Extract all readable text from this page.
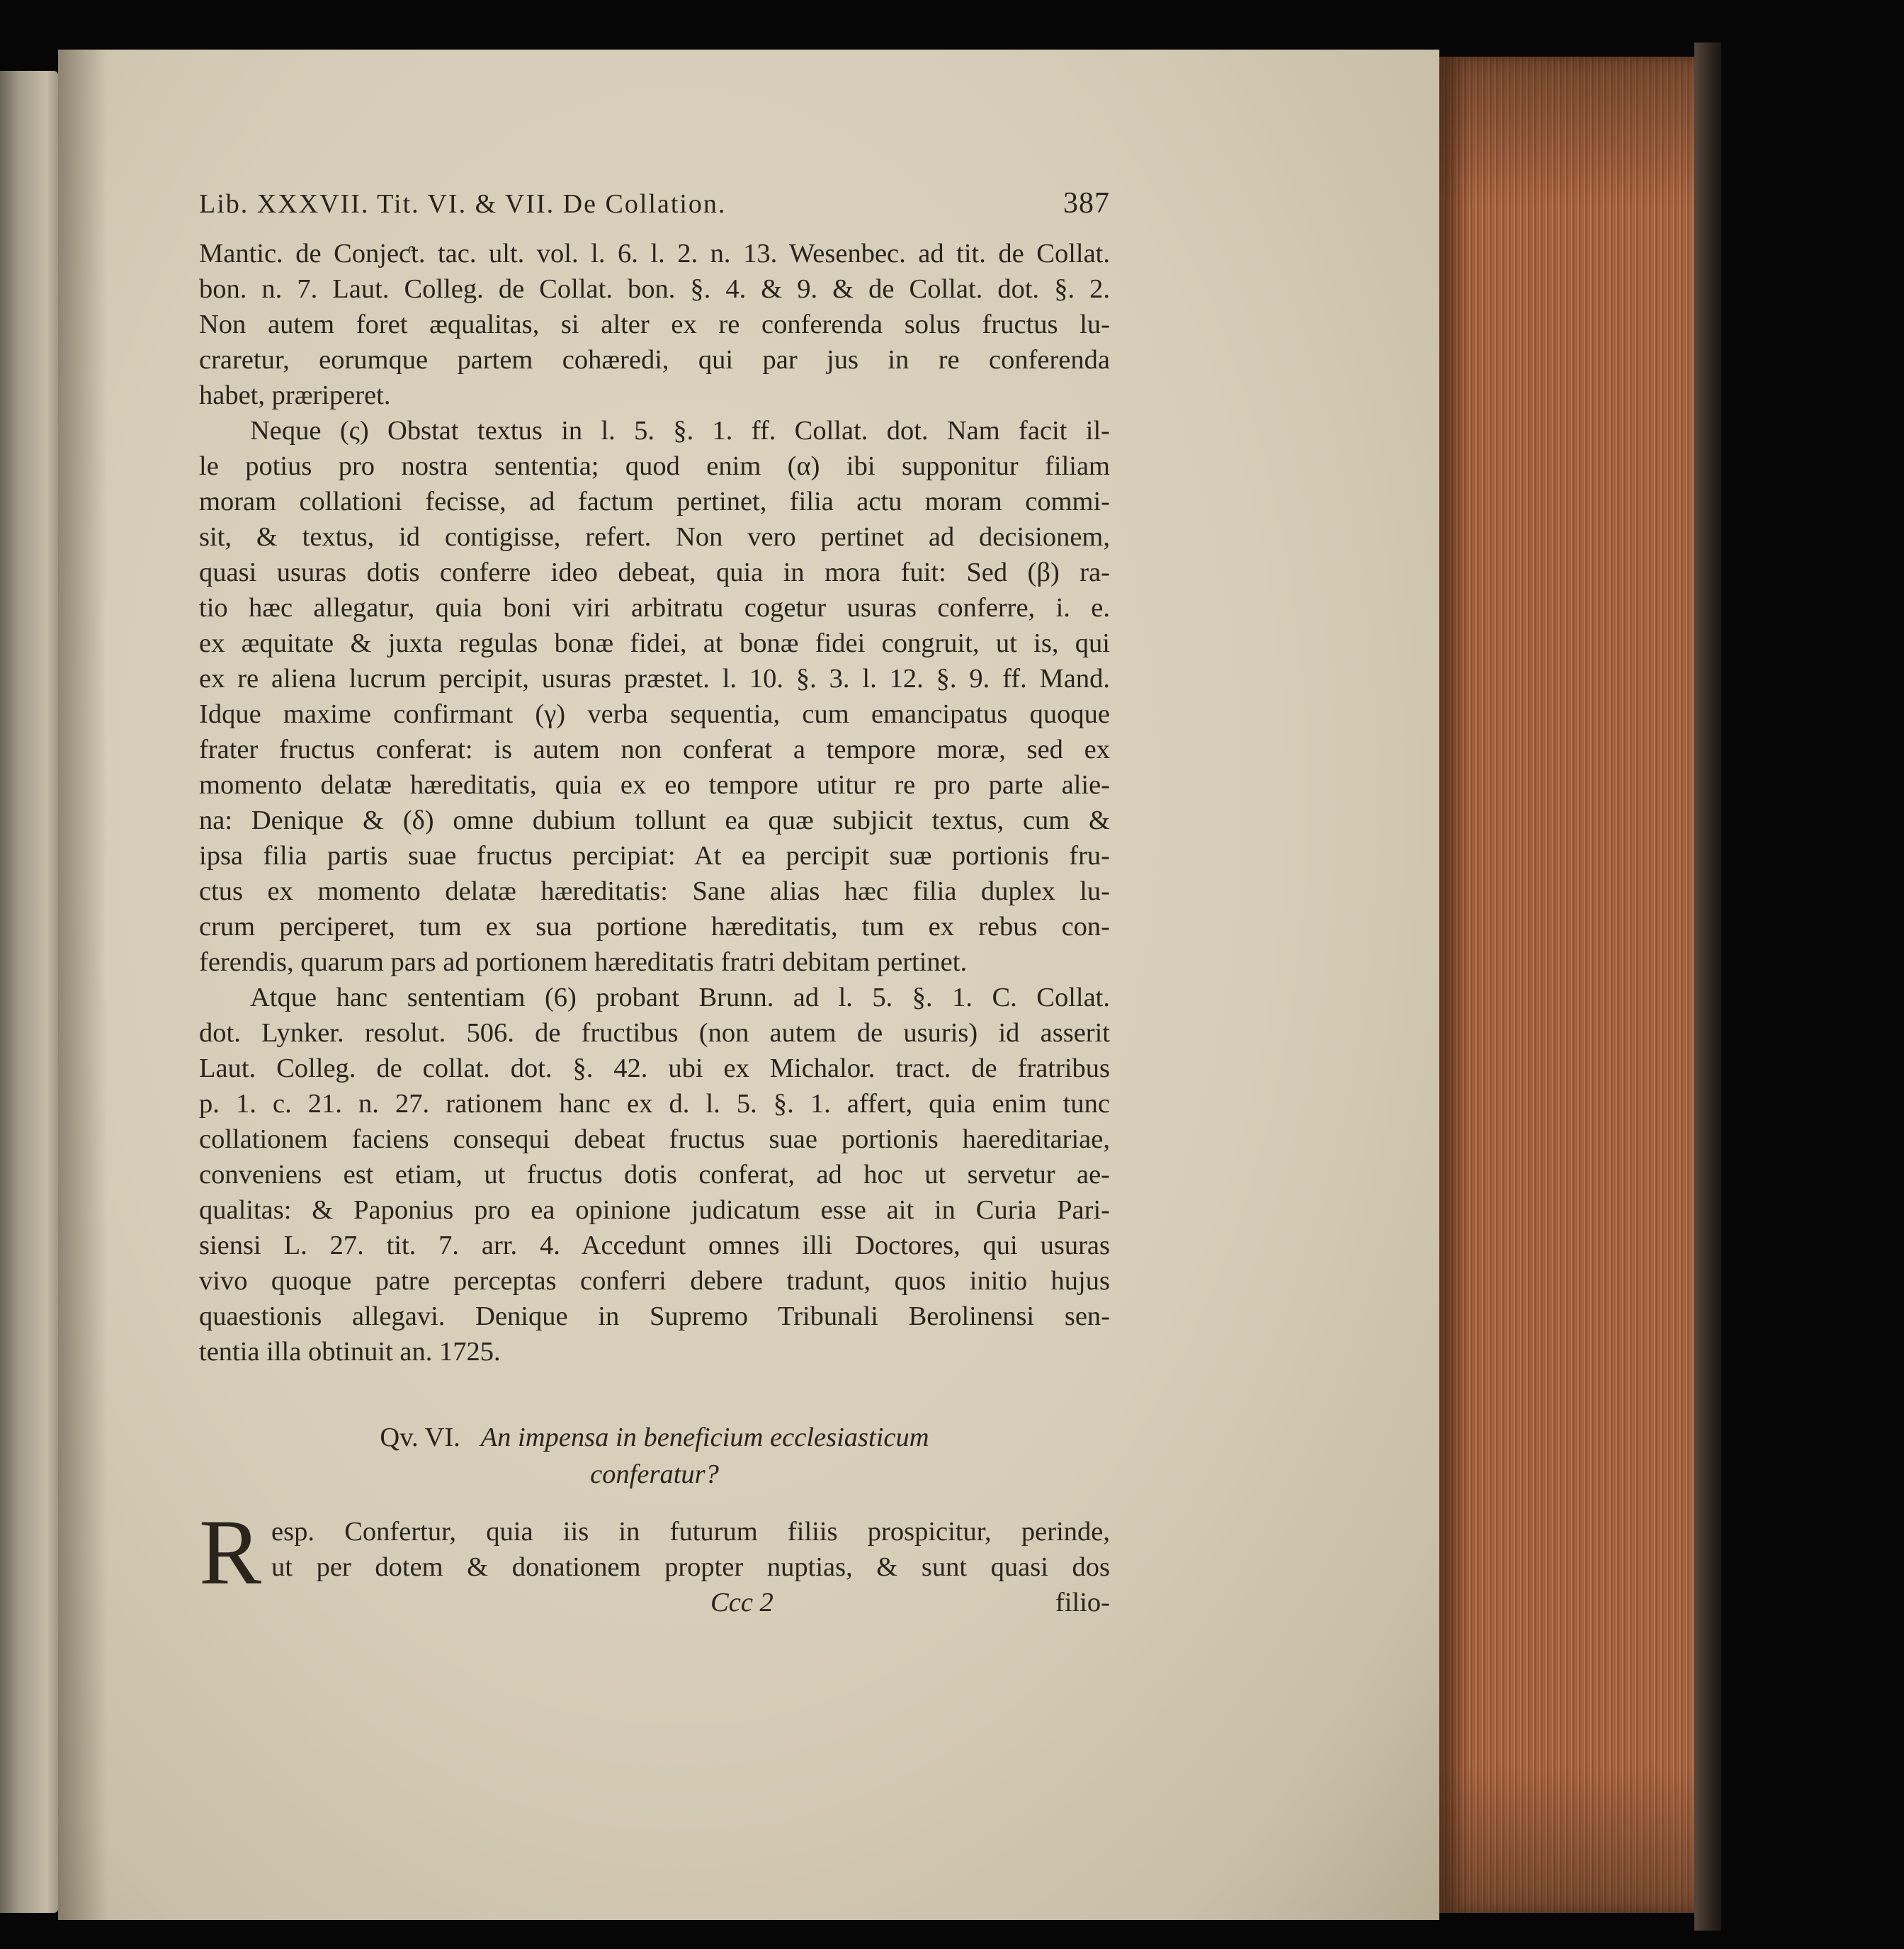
Lib. XXXVII. Tit. VI. & VII. De Collation.	387
Mantic. de Conjeƈt. tac. ult. vol. l. 6. l. 2. n. 13. Wesenbec. ad tit. de Collat.
bon. n. 7. Laut. Colleg. de Collat. bon. §. 4. & 9. & de Collat. dot. §. 2.
Non autem foret æqualitas, si alter ex re conferenda solus fructus lu-
craretur, eorumque partem cohæredi, qui par jus in re conferenda
habet, præriperet.
Neque (ς) Obstat textus in l. 5. §. 1. ff. Collat. dot. Nam facit il-
le potius pro nostra sententia; quod enim (α) ibi supponitur filiam
moram collationi fecisse, ad factum pertinet, filia actu moram commi-
sit, & textus, id contigisse, refert. Non vero pertinet ad decisionem,
quasi usuras dotis conferre ideo debeat, quia in mora fuit: Sed (β) ra-
tio hæc allegatur, quia boni viri arbitratu cogetur usuras conferre, i. e.
ex æquitate & juxta regulas bonæ fidei, at bonæ fidei congruit, ut is, qui
ex re aliena lucrum percipit, usuras præstet. l. 10. §. 3. l. 12. §. 9. ff. Mand.
Idque maxime confirmant (γ) verba sequentia, cum emancipatus quoque
frater fructus conferat: is autem non conferat a tempore moræ, sed ex
momento delatæ hæreditatis, quia ex eo tempore utitur re pro parte alie-
na: Denique & (δ) omne dubium tollunt ea quæ subjicit textus, cum &
ipsa filia partis suae fructus percipiat: At ea percipit suæ portionis fru-
ctus ex momento delatæ hæreditatis: Sane alias hæc filia duplex lu-
crum perciperet, tum ex sua portione hæreditatis, tum ex rebus con-
ferendis, quarum pars ad portionem hæreditatis fratri debitam pertinet.
Atque hanc sententiam (6) probant Brunn. ad l. 5. §. 1. C. Collat.
dot. Lynker. resolut. 506. de fructibus (non autem de usuris) id asserit
Laut. Colleg. de collat. dot. §. 42. ubi ex Michalor. tract. de fratribus
p. 1. c. 21. n. 27. rationem hanc ex d. l. 5. §. 1. affert, quia enim tunc
collationem faciens consequi debeat fructus suae portionis haereditariae,
conveniens est etiam, ut fructus dotis conferat, ad hoc ut servetur ae-
qualitas: & Paponius pro ea opinione judicatum esse ait in Curia Pari-
siensi L. 27. tit. 7. arr. 4. Accedunt omnes illi Doctores, qui usuras
vivo quoque patre perceptas conferri debere tradunt, quos initio hujus
quaestionis allegavi. Denique in Supremo Tribunali Berolinensi sen-
tentia illa obtinuit an. 1725.
Qv. VI. An impensa in beneficium ecclesiasticum
conferatur?
R esp. Confertur, quia iis in futurum filiis prospicitur, perinde,
ut per dotem & donationem propter nuptias, & sunt quasi dos
Ccc 2	filio-
